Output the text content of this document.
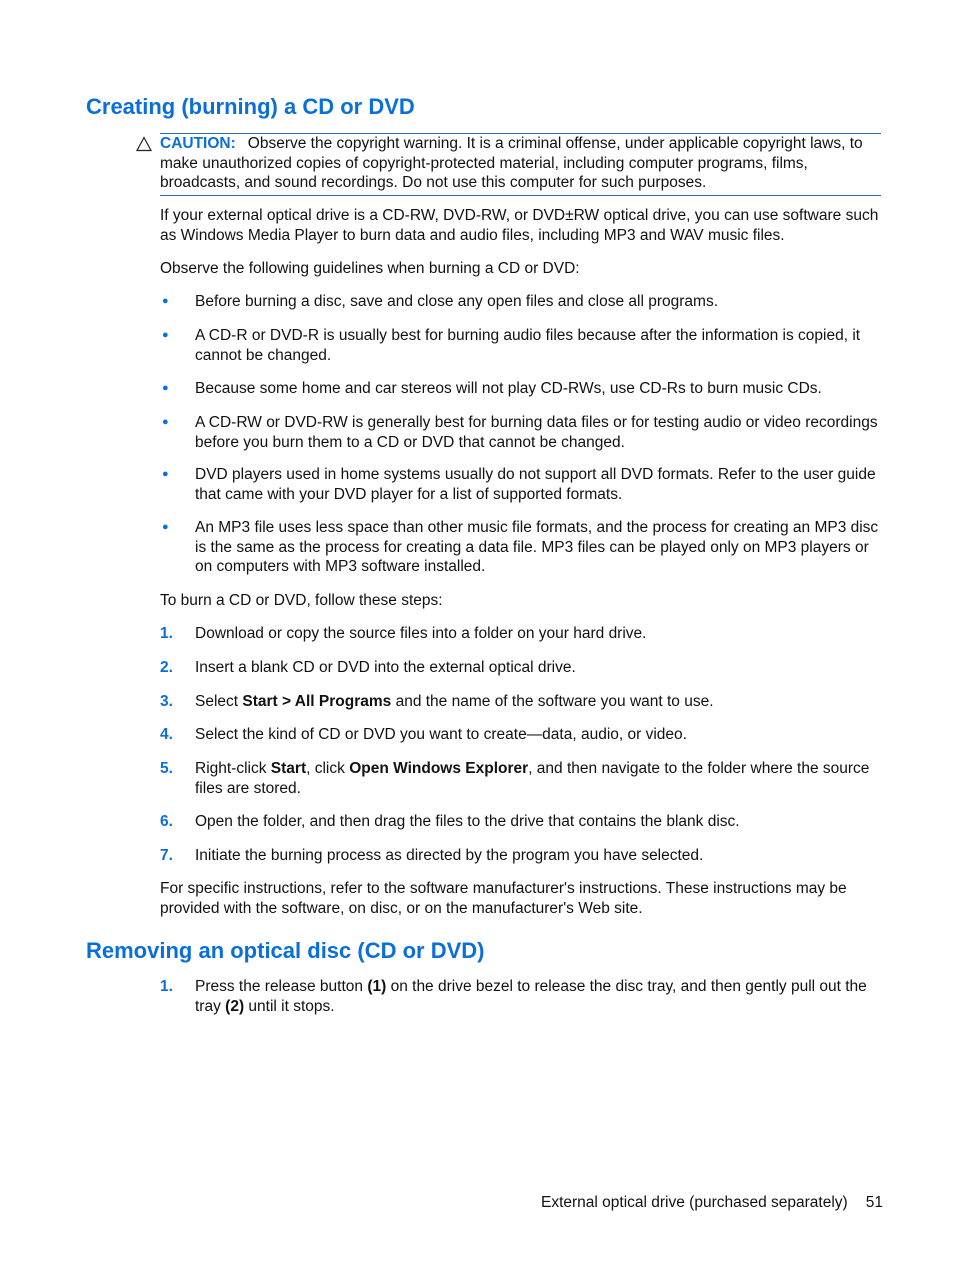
Creating (burning) a CD or DVD
CAUTION: Observe the copyright warning. It is a criminal offense, under applicable copyright laws, to make unauthorized copies of copyright-protected material, including computer programs, films, broadcasts, and sound recordings. Do not use this computer for such purposes.

If your external optical drive is a CD-RW, DVD-RW, or DVD±RW optical drive, you can use software such as Windows Media Player to burn data and audio files, including MP3 and WAV music files.

Observe the following guidelines when burning a CD or DVD:

● Before burning a disc, save and close any open files and close all programs.
● A CD-R or DVD-R is usually best for burning audio files because after the information is copied, it cannot be changed.
● Because some home and car stereos will not play CD-RWs, use CD-Rs to burn music CDs.
● A CD-RW or DVD-RW is generally best for burning data files or for testing audio or video recordings before you burn them to a CD or DVD that cannot be changed.
● DVD players used in home systems usually do not support all DVD formats. Refer to the user guide that came with your DVD player for a list of supported formats.
● An MP3 file uses less space than other music file formats, and the process for creating an MP3 disc is the same as the process for creating a data file. MP3 files can be played only on MP3 players or on computers with MP3 software installed.

To burn a CD or DVD, follow these steps:

1. Download or copy the source files into a folder on your hard drive.
2. Insert a blank CD or DVD into the external optical drive.
3. Select Start > All Programs and the name of the software you want to use.
4. Select the kind of CD or DVD you want to create—data, audio, or video.
5. Right-click Start, click Open Windows Explorer, and then navigate to the folder where the source files are stored.
6. Open the folder, and then drag the files to the drive that contains the blank disc.
7. Initiate the burning process as directed by the program you have selected.

For specific instructions, refer to the software manufacturer's instructions. These instructions may be provided with the software, on disc, or on the manufacturer's Web site.

Removing an optical disc (CD or DVD)
1. Press the release button (1) on the drive bezel to release the disc tray, and then gently pull out the tray (2) until it stops.
External optical drive (purchased separately) 51
